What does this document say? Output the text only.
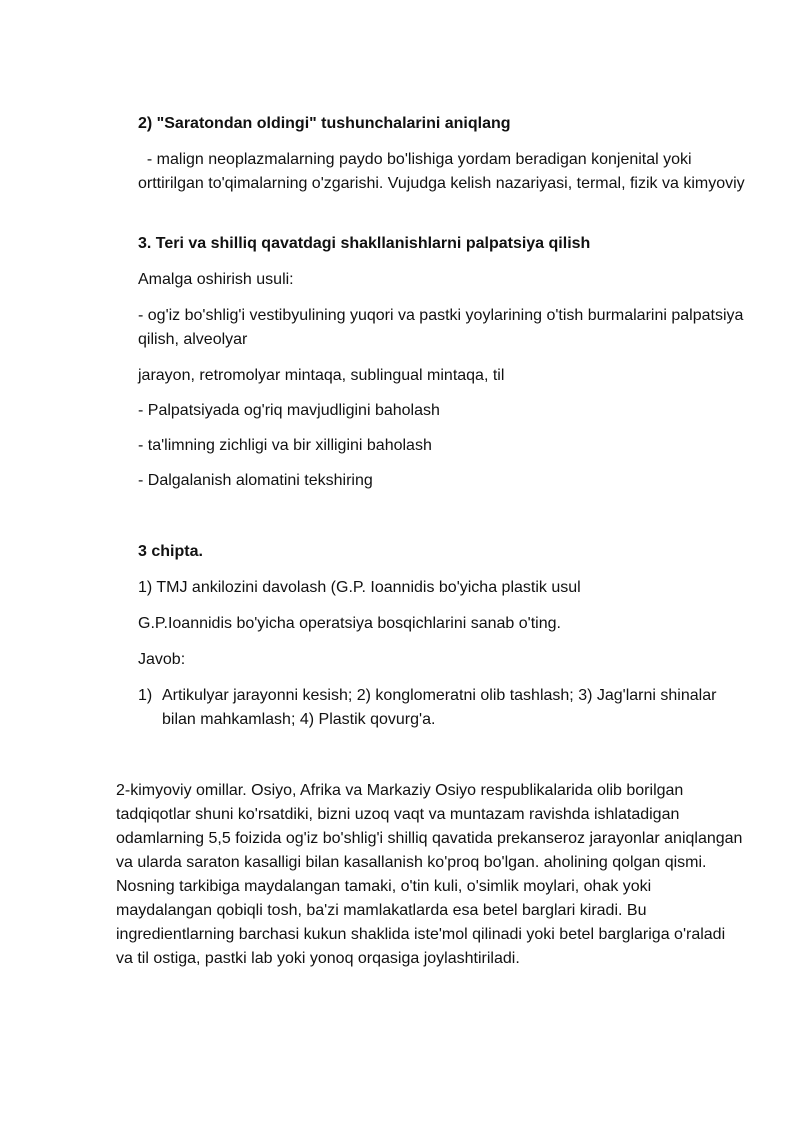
2) "Saratondan oldingi" tushunchalarini aniqlang

- malign neoplazmalarning paydo bo'lishiga yordam beradigan konjenital yoki orttirilgan to'qimalarning o'zgarishi. Vujudga kelish nazariyasi, termal, fizik va kimyoviy

3. Teri va shilliq qavatdagi shakllanishlarni palpatsiya qilish

Amalga oshirish usuli:

- og'iz bo'shlig'i vestibyulining yuqori va pastki yoylarining o'tish burmalarini palpatsiya qilish, alveolyar

jarayon, retromolyar mintaqa, sublingual mintaqa, til

- Palpatsiyada og'riq mavjudligini baholash

- ta'limning zichligi va bir xilligini baholash

- Dalgalanish alomatini tekshiring

3 chipta.

1) TMJ ankilozini davolash (G.P. Ioannidis bo'yicha plastik usul

G.P.Ioannidis bo'yicha operatsiya bosqichlarini sanab o'ting.

Javob:

1) Artikulyar jarayonni kesish; 2) konglomeratni olib tashlash; 3) Jag'larni shinalar bilan mahkamlash; 4) Plastik qovurg'a.

2-kimyoviy omillar. Osiyo, Afrika va Markaziy Osiyo respublikalarida olib borilgan tadqiqotlar shuni ko'rsatdiki, bizni uzoq vaqt va muntazam ravishda ishlatadigan odamlarning 5,5 foizida og'iz bo'shlig'i shilliq qavatida prekanseroz jarayonlar aniqlangan va ularda saraton kasalligi bilan kasallanish ko'proq bo'lgan. aholining qolgan qismi. Nosning tarkibiga maydalangan tamaki, o'tin kuli, o'simlik moylari, ohak yoki maydalangan qobiqli tosh, ba'zi mamlakatlarda esa betel barglari kiradi. Bu ingredientlarning barchasi kukun shaklida iste'mol qilinadi yoki betel barglariga o'raladi va til ostiga, pastki lab yoki yonoq orqasiga joylashtiriladi.
